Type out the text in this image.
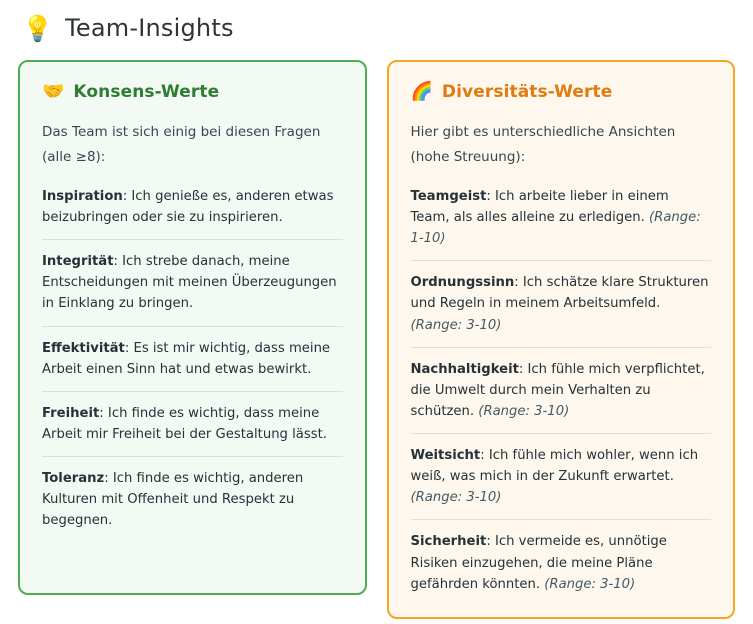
💡 Team-Insights
🤝 Konsens-Werte

Das Team ist sich einig bei diesen Fragen (alle ≥8):

Inspiration: Ich genieße es, anderen etwas beizubringen oder sie zu inspirieren.
Integrität: Ich strebe danach, meine Entscheidungen mit meinen Überzeugungen in Einklang zu bringen.
Effektivität: Es ist mir wichtig, dass meine Arbeit einen Sinn hat und etwas bewirkt.
Freiheit: Ich finde es wichtig, dass meine Arbeit mir Freiheit bei der Gestaltung lässt.
Toleranz: Ich finde es wichtig, anderen Kulturen mit Offenheit und Respekt zu begegnen.
🌈 Diversitäts-Werte

Hier gibt es unterschiedliche Ansichten (hohe Streuung):

Teamgeist: Ich arbeite lieber in einem Team, als alles alleine zu erledigen. (Range: 1-10)
Ordnungssinn: Ich schätze klare Strukturen und Regeln in meinem Arbeitsumfeld. (Range: 3-10)
Nachhaltigkeit: Ich fühle mich verpflichtet, die Umwelt durch mein Verhalten zu schützen. (Range: 3-10)
Weitsicht: Ich fühle mich wohler, wenn ich weiß, was mich in der Zukunft erwartet. (Range: 3-10)
Sicherheit: Ich vermeide es, unnötige Risiken einzugehen, die meine Pläne gefährden könnten. (Range: 3-10)
